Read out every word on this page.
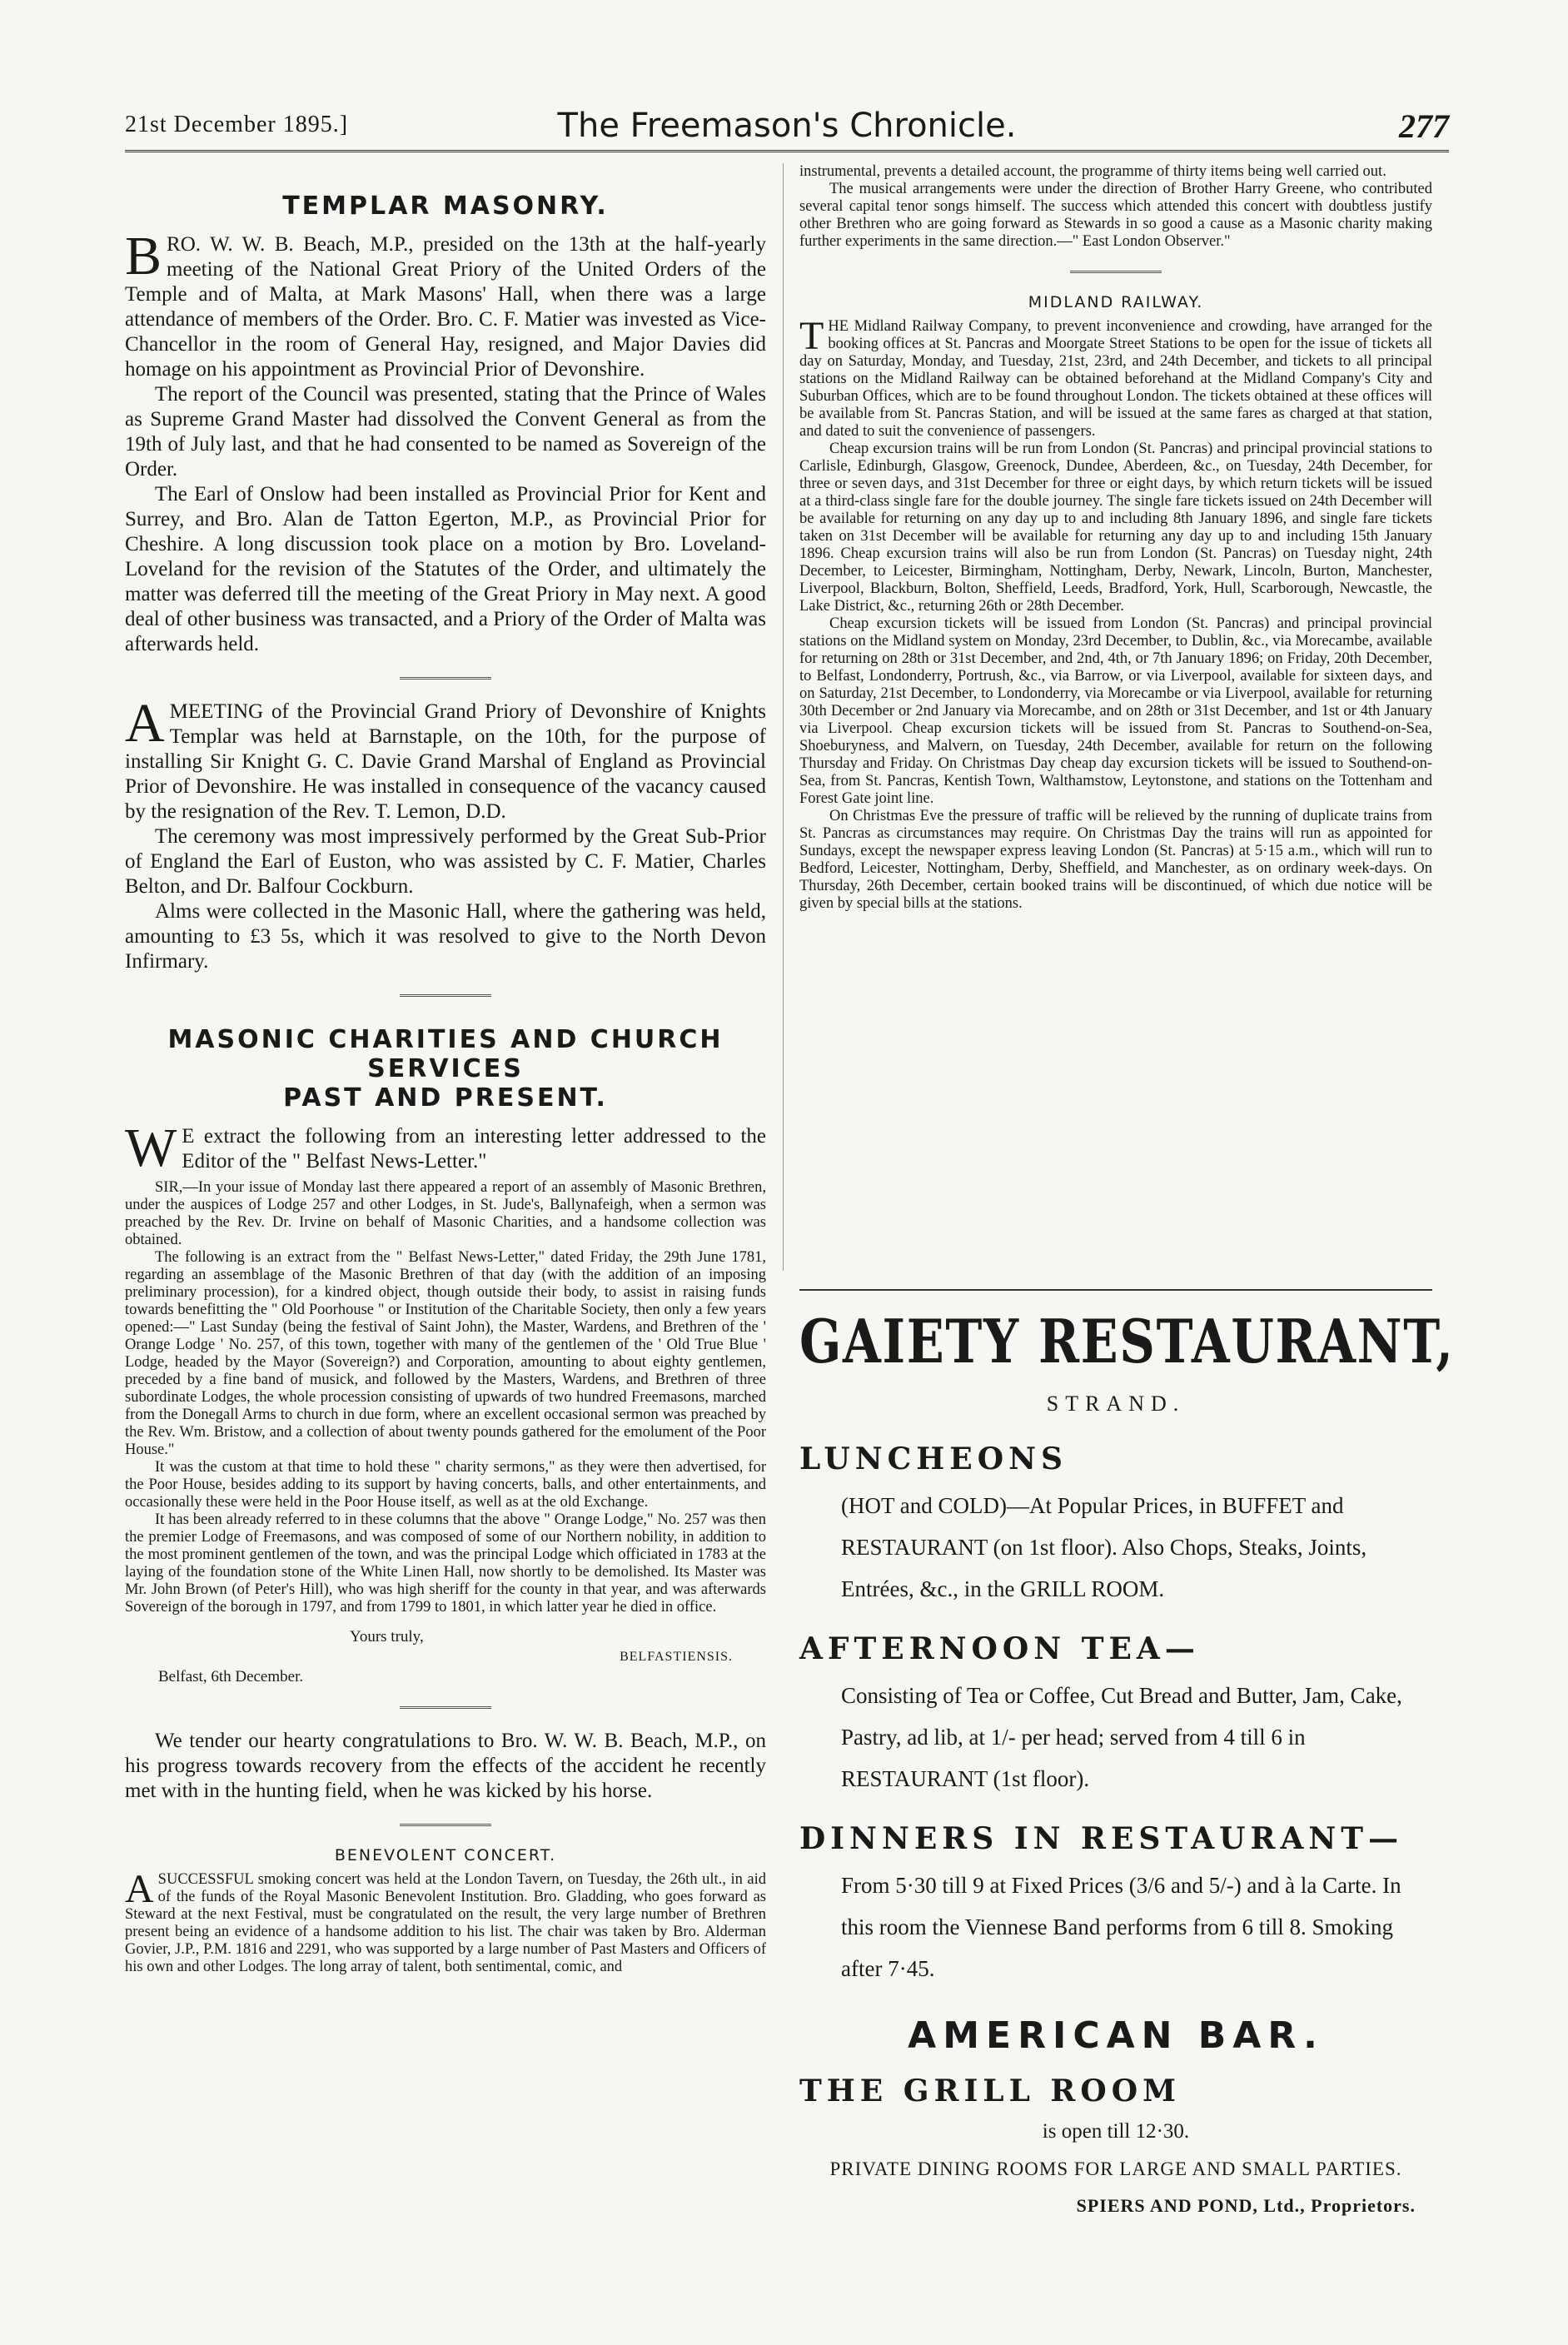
21st December 1895.]	The Freemason's Chronicle.	277
TEMPLAR MASONRY.

BRO. W. W. B. Beach, M.P., presided on the 13th at the half-yearly meeting of the National Great Priory of the United Orders of the Temple and of Malta, at Mark Masons' Hall, when there was a large attendance of members of the Order. Bro. C. F. Matier was invested as Vice-Chancellor in the room of General Hay, resigned, and Major Davies did homage on his appointment as Provincial Prior of Devonshire.

The report of the Council was presented, stating that the Prince of Wales as Supreme Grand Master had dissolved the Convent General as from the 19th of July last, and that he had consented to be named as Sovereign of the Order.

The Earl of Onslow had been installed as Provincial Prior for Kent and Surrey, and Bro. Alan de Tatton Egerton, M.P., as Provincial Prior for Cheshire. A long discussion took place on a motion by Bro. Loveland-Loveland for the revision of the Statutes of the Order, and ultimately the matter was deferred till the meeting of the Great Priory in May next. A good deal of other business was transacted, and a Priory of the Order of Malta was afterwards held.

AMEETING of the Provincial Grand Priory of Devonshire of Knights Templar was held at Barnstaple, on the 10th, for the purpose of installing Sir Knight G. C. Davie Grand Marshal of England as Provincial Prior of Devonshire. He was installed in consequence of the vacancy caused by the resignation of the Rev. T. Lemon, D.D.

The ceremony was most impressively performed by the Great Sub-Prior of England the Earl of Euston, who was assisted by C. F. Matier, Charles Belton, and Dr. Balfour Cockburn.

Alms were collected in the Masonic Hall, where the gathering was held, amounting to £3 5s, which it was resolved to give to the North Devon Infirmary.

MASONIC CHARITIES AND CHURCH SERVICES
PAST AND PRESENT.

W E extract the following from an interesting letter addressed to the Editor of the " Belfast News-Letter."

SIR,—In your issue of Monday last there appeared a report of an assembly of Masonic Brethren, under the auspices of Lodge 257 and other Lodges, in St. Jude's, Ballynafeigh, when a sermon was preached by the Rev. Dr. Irvine on behalf of Masonic Charities, and a handsome collection was obtained.

The following is an extract from the " Belfast News-Letter," dated Friday, the 29th June 1781, regarding an assemblage of the Masonic Brethren of that day (with the addition of an imposing preliminary procession), for a kindred object, though outside their body, to assist in raising funds towards benefitting the " Old Poorhouse " or Institution of the Charitable Society, then only a few years opened:—" Last Sunday (being the festival of Saint John), the Master, Wardens, and Brethren of the ' Orange Lodge ' No. 257, of this town, together with many of the gentlemen of the ' Old True Blue ' Lodge, headed by the Mayor (Sovereign?) and Corporation, amounting to about eighty gentlemen, preceded by a fine band of musick, and followed by the Masters, Wardens, and Brethren of three subordinate Lodges, the whole procession consisting of upwards of two hundred Freemasons, marched from the Donegall Arms to church in due form, where an excellent occasional sermon was preached by the Rev. Wm. Bristow, and a collection of about twenty pounds gathered for the emolument of the Poor House."

It was the custom at that time to hold these " charity sermons," as they were then advertised, for the Poor House, besides adding to its support by having concerts, balls, and other entertainments, and occasionally these were held in the Poor House itself, as well as at the old Exchange.

It has been already referred to in these columns that the above " Orange Lodge," No. 257 was then the premier Lodge of Freemasons, and was composed of some of our Northern nobility, in addition to the most prominent gentlemen of the town, and was the principal Lodge which officiated in 1783 at the laying of the foundation stone of the White Linen Hall, now shortly to be demolished. Its Master was Mr. John Brown (of Peter's Hill), who was high sheriff for the county in that year, and was afterwards Sovereign of the borough in 1797, and from 1799 to 1801, in which latter year he died in office.

Yours truly,
BELFASTIENSIS.
Belfast, 6th December.

We tender our hearty congratulations to Bro. W. W. B. Beach, M.P., on his progress towards recovery from the effects of the accident he recently met with in the hunting field, when he was kicked by his horse.

BENEVOLENT CONCERT.

ASUCCESSFUL smoking concert was held at the London Tavern, on Tuesday, the 26th ult., in aid of the funds of the Royal Masonic Benevolent Institution. Bro. Gladding, who goes forward as Steward at the next Festival, must be congratulated on the result, the very large number of Brethren present being an evidence of a handsome addition to his list. The chair was taken by Bro. Alderman Govier, J.P., P.M. 1816 and 2291, who was supported by a large number of Past Masters and Officers of his own and other Lodges. The long array of talent, both sentimental, comic, and

instrumental, prevents a detailed account, the programme of thirty items being well carried out.

The musical arrangements were under the direction of Brother Harry Greene, who contributed several capital tenor songs himself. The success which attended this concert with doubtless justify other Brethren who are going forward as Stewards in so good a cause as a Masonic charity making further experiments in the same direction.—" East London Observer."

MIDLAND RAILWAY.

THE Midland Railway Company, to prevent inconvenience and crowding, have arranged for the booking offices at St. Pancras and Moorgate Street Stations to be open for the issue of tickets all day on Saturday, Monday, and Tuesday, 21st, 23rd, and 24th December, and tickets to all principal stations on the Midland Railway can be obtained beforehand at the Midland Company's City and Suburban Offices, which are to be found throughout London. The tickets obtained at these offices will be available from St. Pancras Station, and will be issued at the same fares as charged at that station, and dated to suit the convenience of passengers.

Cheap excursion trains will be run from London (St. Pancras) and principal provincial stations to Carlisle, Edinburgh, Glasgow, Greenock, Dundee, Aberdeen, &c., on Tuesday, 24th December, for three or seven days, and 31st December for three or eight days, by which return tickets will be issued at a third-class single fare for the double journey. The single fare tickets issued on 24th December will be available for returning on any day up to and including 8th January 1896, and single fare tickets taken on 31st December will be available for returning any day up to and including 15th January 1896. Cheap excursion trains will also be run from London (St. Pancras) on Tuesday night, 24th December, to Leicester, Birmingham, Nottingham, Derby, Newark, Lincoln, Burton, Manchester, Liverpool, Blackburn, Bolton, Sheffield, Leeds, Bradford, York, Hull, Scarborough, Newcastle, the Lake District, &c., returning 26th or 28th December.

Cheap excursion tickets will be issued from London (St. Pancras) and principal provincial stations on the Midland system on Monday, 23rd December, to Dublin, &c., via Morecambe, available for returning on 28th or 31st December, and 2nd, 4th, or 7th January 1896; on Friday, 20th December, to Belfast, Londonderry, Portrush, &c., via Barrow, or via Liverpool, available for sixteen days, and on Saturday, 21st December, to Londonderry, via Morecambe or via Liverpool, available for returning 30th December or 2nd January via Morecambe, and on 28th or 31st December, and 1st or 4th January via Liverpool. Cheap excursion tickets will be issued from St. Pancras to Southend-on-Sea, Shoeburyness, and Malvern, on Tuesday, 24th December, available for return on the following Thursday and Friday. On Christmas Day cheap day excursion tickets will be issued to Southend-on-Sea, from St. Pancras, Kentish Town, Walthamstow, Leytonstone, and stations on the Tottenham and Forest Gate joint line.

On Christmas Eve the pressure of traffic will be relieved by the running of duplicate trains from St. Pancras as circumstances may require. On Christmas Day the trains will run as appointed for Sundays, except the newspaper express leaving London (St. Pancras) at 5·15 a.m., which will run to Bedford, Leicester, Nottingham, Derby, Sheffield, and Manchester, as on ordinary week-days. On Thursday, 26th December, certain booked trains will be discontinued, of which due notice will be given by special bills at the stations.

GAIETY RESTAURANT,
STRAND.
LUNCHEONS

(HOT and COLD)—At Popular Prices, in BUFFET and RESTAURANT (on 1st floor). Also Chops, Steaks, Joints, Entrées, &c., in the GRILL ROOM.

AFTERNOON TEA—

Consisting of Tea or Coffee, Cut Bread and Butter, Jam, Cake, Pastry, ad lib, at 1/- per head; served from 4 till 6 in RESTAURANT (1st floor).

DINNERS IN RESTAURANT—

From 5·30 till 9 at Fixed Prices (3/6 and 5/-) and à la Carte. In this room the Viennese Band performs from 6 till 8. Smoking after 7·45.

AMERICAN BAR.
THE GRILL ROOM
is open till 12·30.
PRIVATE DINING ROOMS FOR LARGE AND SMALL PARTIES.
SPIERS AND POND, Ltd., Proprietors.
